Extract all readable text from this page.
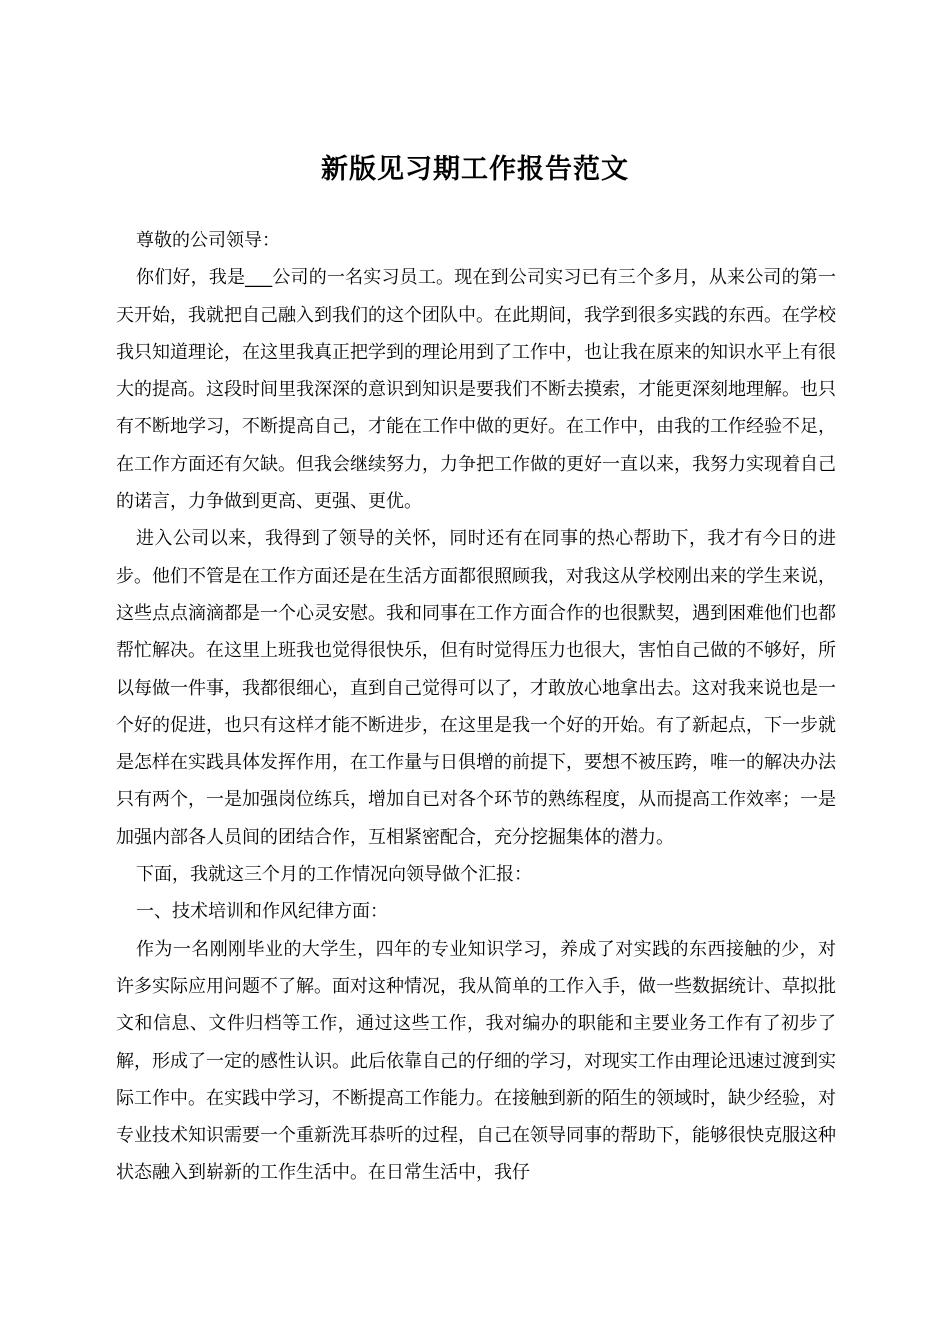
新版见习期工作报告范文

尊敬的公司领导：

你们好，我是___公司的一名实习员工。现在到公司实习已有三个多月，从来公司的第一天开始，我就把自己融入到我们的这个团队中。在此期间，我学到很多实践的东西。在学校我只知道理论，在这里我真正把学到的理论用到了工作中，也让我在原来的知识水平上有很大的提高。这段时间里我深深的意识到知识是要我们不断去摸索，才能更深刻地理解。也只有不断地学习，不断提高自己，才能在工作中做的更好。在工作中，由我的工作经验不足，在工作方面还有欠缺。但我会继续努力，力争把工作做的更好一直以来，我努力实现着自己的诺言，力争做到更高、更强、更优。

进入公司以来，我得到了领导的关怀，同时还有在同事的热心帮助下，我才有今日的进步。他们不管是在工作方面还是在生活方面都很照顾我，对我这从学校刚出来的学生来说，这些点点滴滴都是一个心灵安慰。我和同事在工作方面合作的也很默契，遇到困难他们也都帮忙解决。在这里上班我也觉得很快乐，但有时觉得压力也很大，害怕自己做的不够好，所以每做一件事，我都很细心，直到自己觉得可以了，才敢放心地拿出去。这对我来说也是一个好的促进，也只有这样才能不断进步，在这里是我一个好的开始。有了新起点，下一步就是怎样在实践具体发挥作用，在工作量与日俱增的前提下，要想不被压跨，唯一的解决办法只有两个，一是加强岗位练兵，增加自已对各个环节的熟练程度，从而提高工作效率；一是加强内部各人员间的团结合作，互相紧密配合，充分挖掘集体的潜力。

下面，我就这三个月的工作情况向领导做个汇报：

一、技术培训和作风纪律方面：

作为一名刚刚毕业的大学生，四年的专业知识学习，养成了对实践的东西接触的少，对许多实际应用问题不了解。面对这种情况，我从简单的工作入手，做一些数据统计、草拟批文和信息、文件归档等工作，通过这些工作，我对编办的职能和主要业务工作有了初步了解，形成了一定的感性认识。此后依靠自己的仔细的学习，对现实工作由理论迅速过渡到实际工作中。在实践中学习，不断提高工作能力。在接触到新的陌生的领域时，缺少经验，对专业技术知识需要一个重新洗耳恭听的过程，自己在领导同事的帮助下，能够很快克服这种状态融入到崭新的工作生活中。在日常生活中，我仔
